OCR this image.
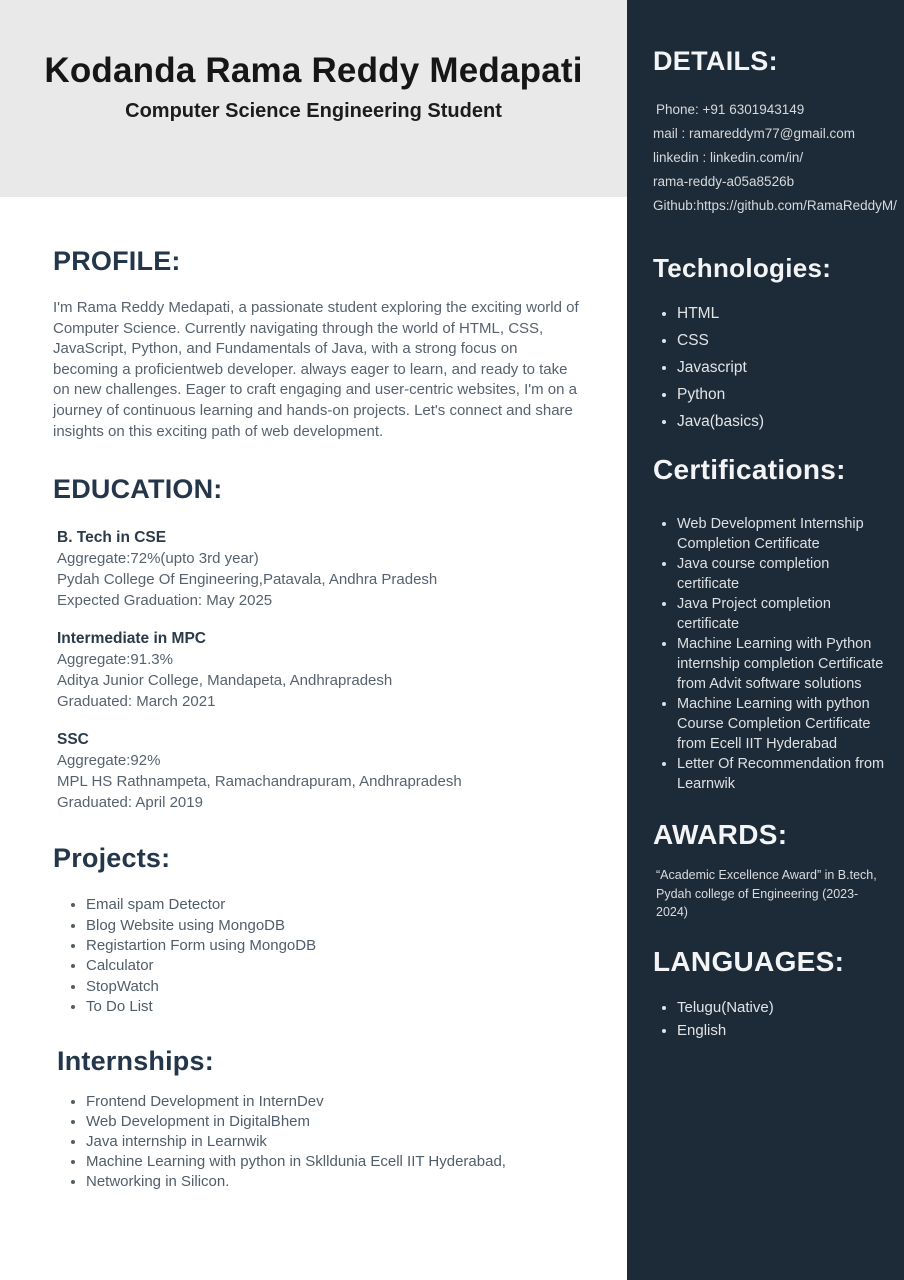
Kodanda Rama Reddy Medapati
Computer Science Engineering Student
PROFILE:

I'm Rama Reddy Medapati, a passionate student exploring the exciting world of Computer Science. Currently navigating through the world of HTML, CSS, JavaScript, Python, and Fundamentals of Java, with a strong focus on becoming a proficientweb developer. always eager to learn, and ready to take on new challenges. Eager to craft engaging and user-centric websites, I'm on a journey of continuous learning and hands-on projects. Let's connect and share insights on this exciting path of web development.

EDUCATION:
B. Tech in CSE
Aggregate:72%(upto 3rd year)
Pydah College Of Engineering,Patavala, Andhra Pradesh
Expected Graduation: May 2025
Intermediate in MPC
Aggregate:91.3%
Aditya Junior College, Mandapeta, Andhrapradesh
Graduated: March 2021
SSC
Aggregate:92%
MPL HS Rathnampeta, Ramachandrapuram, Andhrapradesh
Graduated: April 2019
Projects:
• Email spam Detector
• Blog Website using MongoDB
• Registartion Form using MongoDB
• Calculator
• StopWatch
• To Do List
Internships:
• Frontend Development in InternDev
• Web Development in DigitalBhem
• Java internship in Learnwik
• Machine Learning with python in Sklldunia Ecell IIT Hyderabad,
• Networking in Silicon.
DETAILS:
Phone: +91 6301943149
mail : ramareddym77@gmail.com
linkedin : linkedin.com/in/
rama-reddy-a05a8526b
Github:https://github.com/RamaReddyM/
Technologies:
• HTML
• CSS
• Javascript
• Python
• Java(basics)
Certifications:
• Web Development Internship Completion Certificate
• Java course completion certificate
• Java Project completion certificate
• Machine Learning with Python internship completion Certificate from Advit software solutions
• Machine Learning with python Course Completion Certificate from Ecell IIT Hyderabad
• Letter Of Recommendation from Learnwik
AWARDS:

“Academic Excellence Award” in B.tech, Pydah college of Engineering (2023-2024)

LANGUAGES:
• Telugu(Native)
• English
